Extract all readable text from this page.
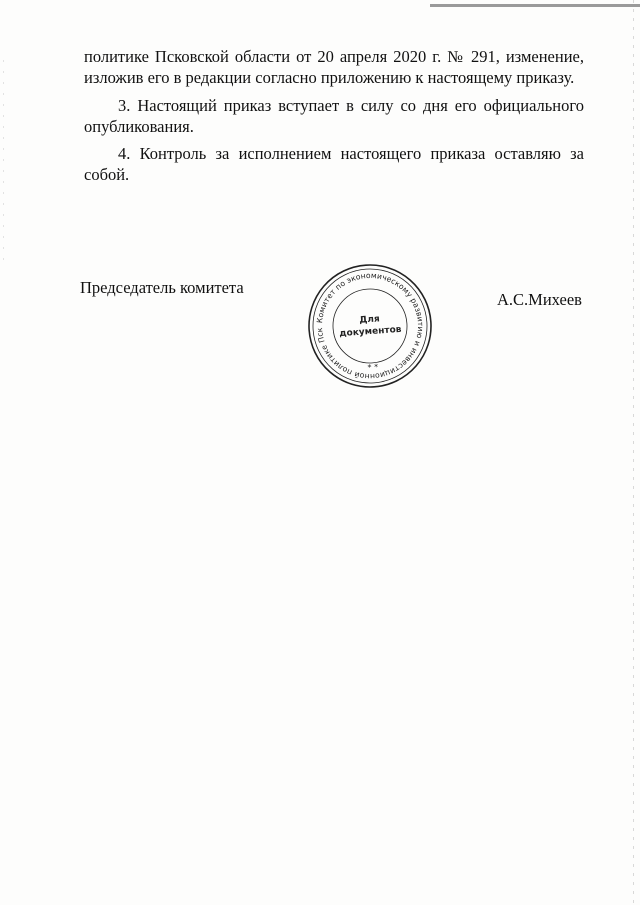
политике Псковской области от 20 апреля 2020 г. № 291, изменение,
изложив его в редакции согласно приложению к настоящему приказу.
3. Настоящий приказ вступает в силу со дня его официального
опубликования.
4. Контроль за исполнением настоящего приказа оставляю за
собой.
Председатель комитета
Комитет по экономическому развитию и инвестиционной политике Псковской области
Для
документов
* *
А.С.Михеев
